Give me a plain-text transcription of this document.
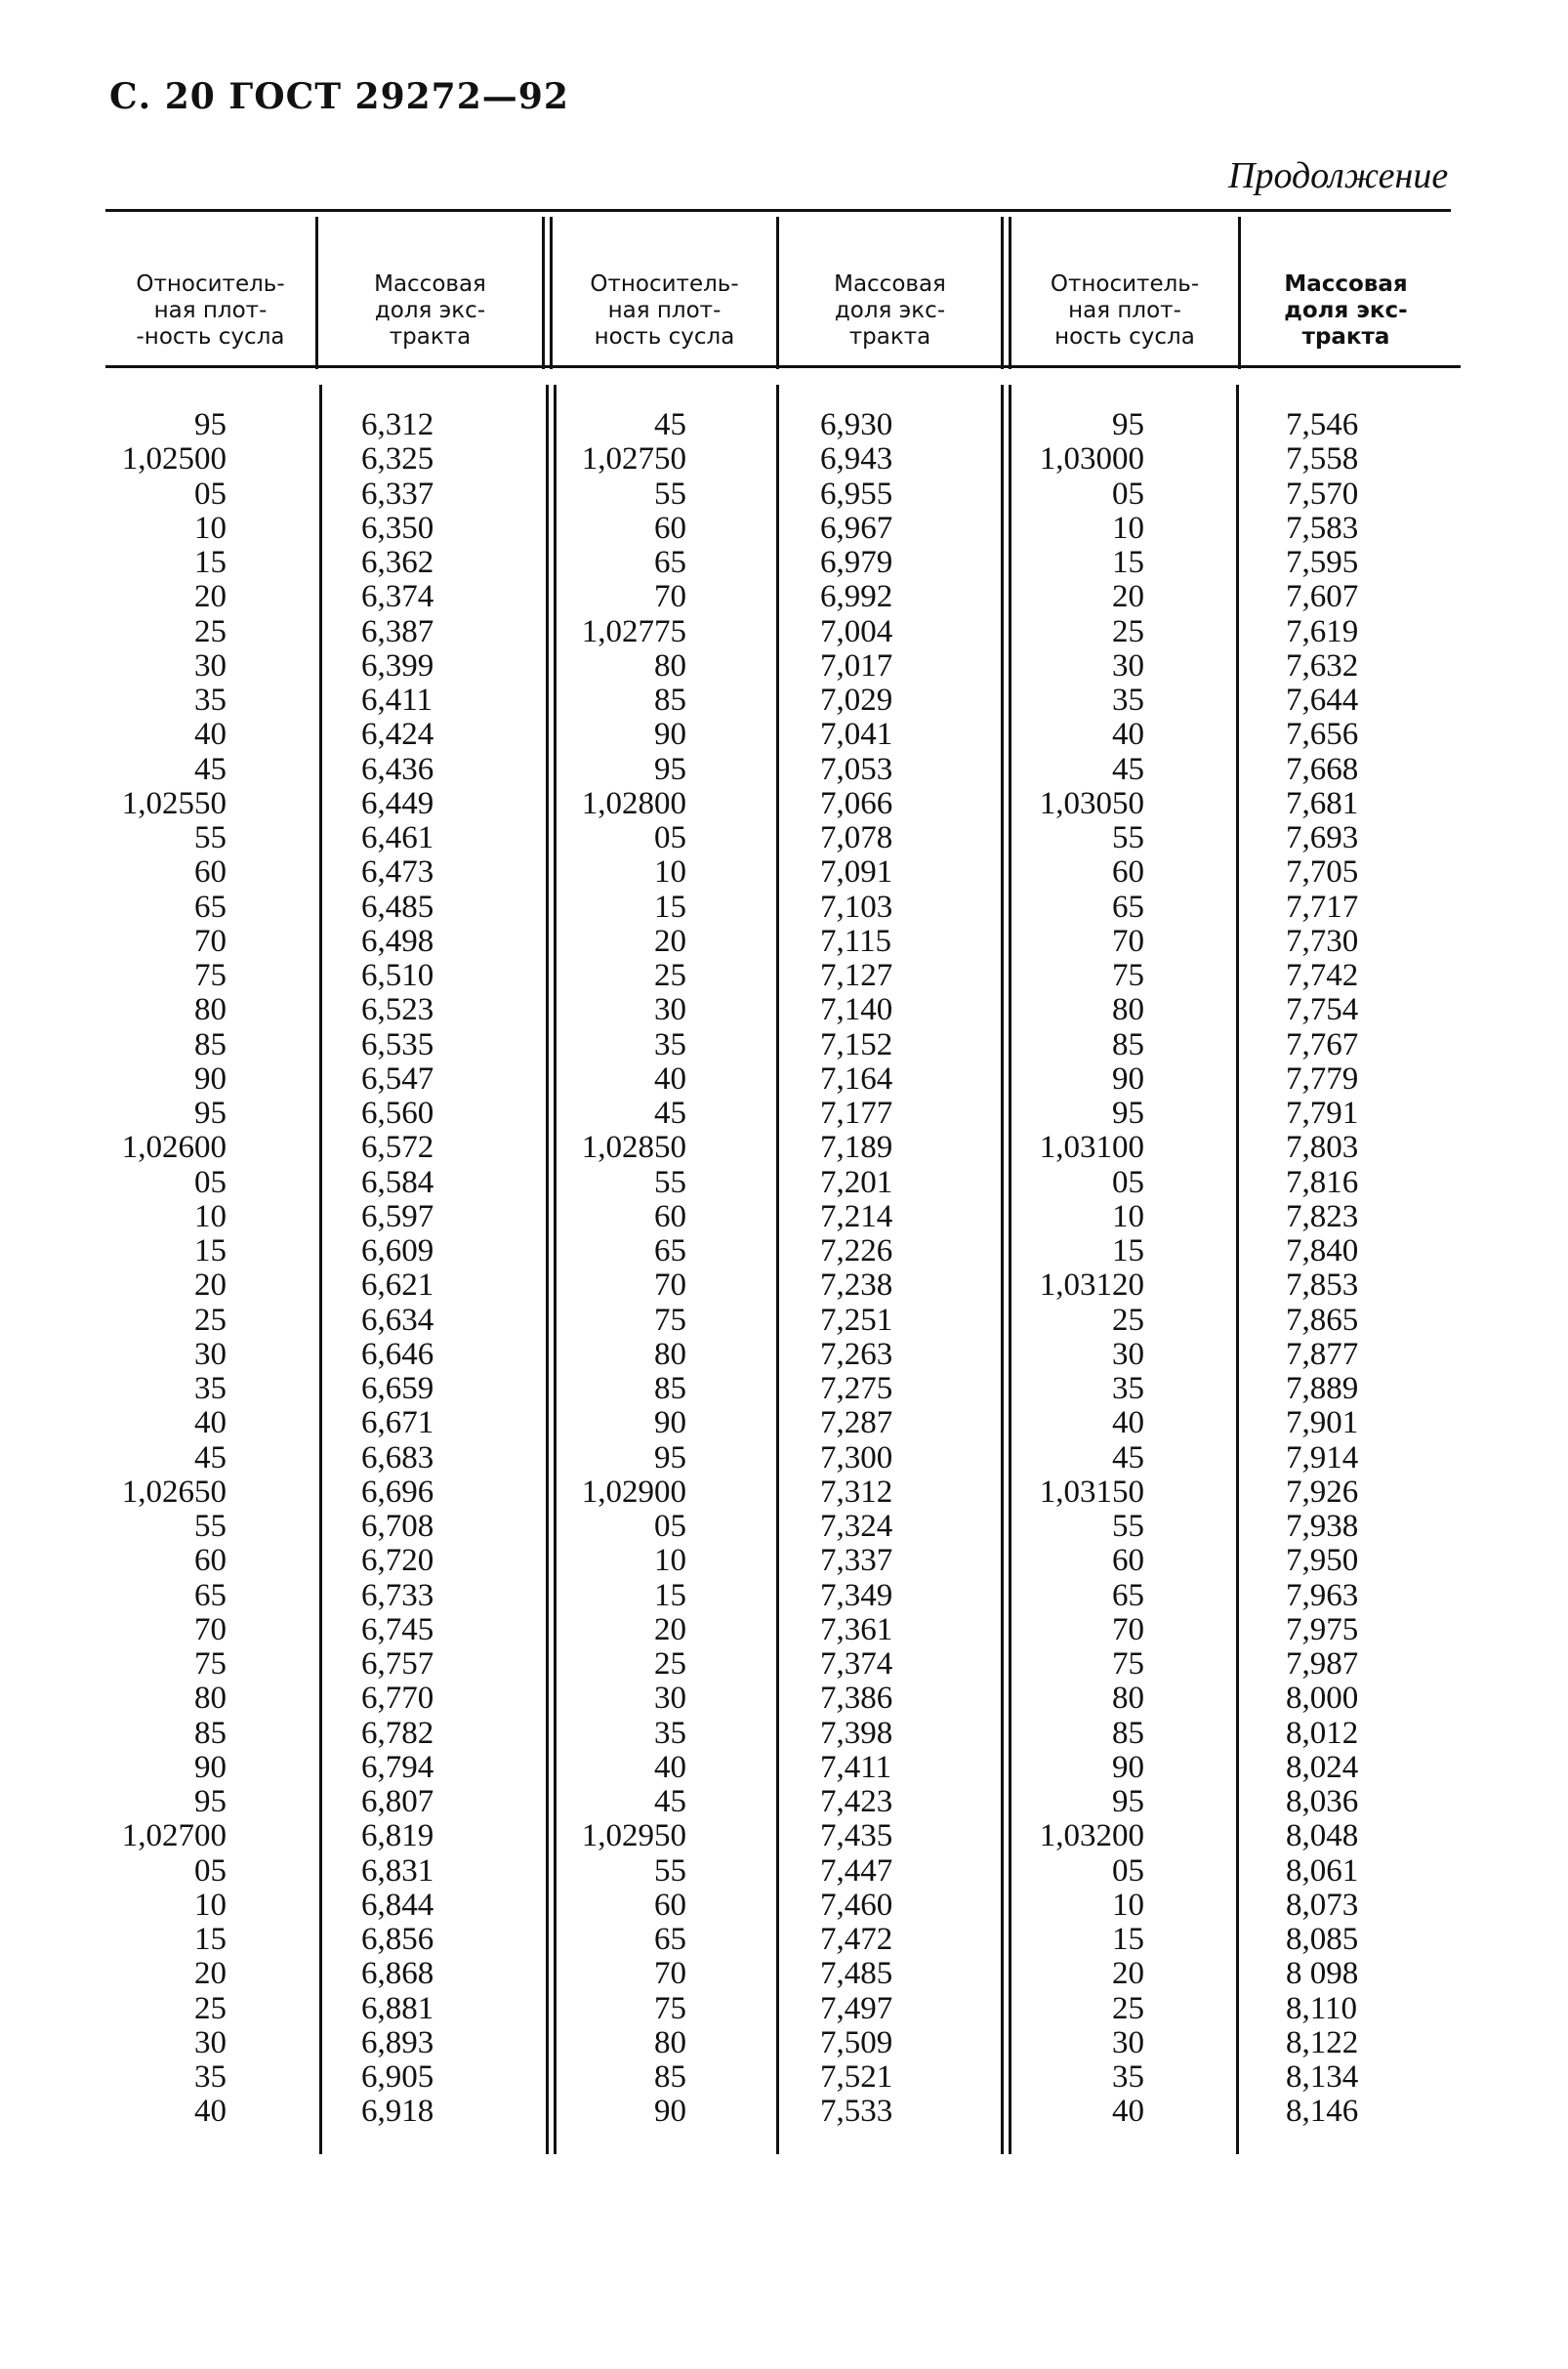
С. 20 ГОСТ 29272—92
Продолжение
Относитель-
ная плот-
-ность сусла
Массовая
доля экс-
тракта
Относитель-
ная плот-
ность сусла
Массовая
доля экс-
тракта
Относитель-
ная плот-
ность сусла
Массовая
доля экс-
тракта
95
1,02500
05
10
15
20
25
30
35
40
45
1,02550
55
60
65
70
75
80
85
90
95
1,02600
05
10
15
20
25
30
35
40
45
1,02650
55
60
65
70
75
80
85
90
95
1,02700
05
10
15
20
25
30
35
40
6,312
6,325
6,337
6,350
6,362
6,374
6,387
6,399
6,411
6,424
6,436
6,449
6,461
6,473
6,485
6,498
6,510
6,523
6,535
6,547
6,560
6,572
6,584
6,597
6,609
6,621
6,634
6,646
6,659
6,671
6,683
6,696
6,708
6,720
6,733
6,745
6,757
6,770
6,782
6,794
6,807
6,819
6,831
6,844
6,856
6,868
6,881
6,893
6,905
6,918
45
1,02750
55
60
65
70
1,02775
80
85
90
95
1,02800
05
10
15
20
25
30
35
40
45
1,02850
55
60
65
70
75
80
85
90
95
1,02900
05
10
15
20
25
30
35
40
45
1,02950
55
60
65
70
75
80
85
90
6,930
6,943
6,955
6,967
6,979
6,992
7,004
7,017
7,029
7,041
7,053
7,066
7,078
7,091
7,103
7,115
7,127
7,140
7,152
7,164
7,177
7,189
7,201
7,214
7,226
7,238
7,251
7,263
7,275
7,287
7,300
7,312
7,324
7,337
7,349
7,361
7,374
7,386
7,398
7,411
7,423
7,435
7,447
7,460
7,472
7,485
7,497
7,509
7,521
7,533
95
1,03000
05
10
15
20
25
30
35
40
45
1,03050
55
60
65
70
75
80
85
90
95
1,03100
05
10
15
1,03120
25
30
35
40
45
1,03150
55
60
65
70
75
80
85
90
95
1,03200
05
10
15
20
25
30
35
40
7,546
7,558
7,570
7,583
7,595
7,607
7,619
7,632
7,644
7,656
7,668
7,681
7,693
7,705
7,717
7,730
7,742
7,754
7,767
7,779
7,791
7,803
7,816
7,823
7,840
7,853
7,865
7,877
7,889
7,901
7,914
7,926
7,938
7,950
7,963
7,975
7,987
8,000
8,012
8,024
8,036
8,048
8,061
8,073
8,085
8 098
8,110
8,122
8,134
8,146
